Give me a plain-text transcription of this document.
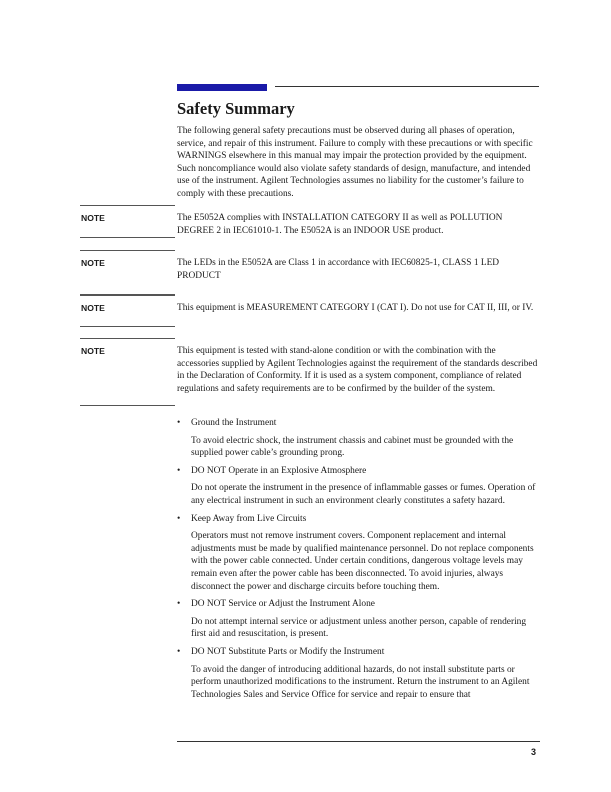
Safety Summary

The following general safety precautions must be observed during all phases of operation, service, and repair of this instrument. Failure to comply with these precautions or with specific WARNINGS elsewhere in this manual may impair the protection provided by the equipment. Such noncompliance would also violate safety standards of design, manufacture, and intended use of the instrument. Agilent Technologies assumes no liability for the customer’s failure to comply with these precautions.

NOTE	The E5052A complies with INSTALLATION CATEGORY II as well as POLLUTION DEGREE 2 in IEC61010-1. The E5052A is an INDOOR USE product.

NOTE	The LEDs in the E5052A are Class 1 in accordance with IEC60825-1, CLASS 1 LED PRODUCT

NOTE	This equipment is MEASUREMENT CATEGORY I (CAT I). Do not use for CAT II, III, or IV.

NOTE	This equipment is tested with stand-alone condition or with the combination with the accessories supplied by Agilent Technologies against the requirement of the standards described in the Declaration of Conformity. If it is used as a system component, compliance of related regulations and safety requirements are to be confirmed by the builder of the system.

•	Ground the Instrument

To avoid electric shock, the instrument chassis and cabinet must be grounded with the supplied power cable’s grounding prong.

•	DO NOT Operate in an Explosive Atmosphere

Do not operate the instrument in the presence of inflammable gasses or fumes. Operation of any electrical instrument in such an environment clearly constitutes a safety hazard.

•	Keep Away from Live Circuits

Operators must not remove instrument covers. Component replacement and internal adjustments must be made by qualified maintenance personnel. Do not replace components with the power cable connected. Under certain conditions, dangerous voltage levels may remain even after the power cable has been disconnected. To avoid injuries, always disconnect the power and discharge circuits before touching them.

•	DO NOT Service or Adjust the Instrument Alone

Do not attempt internal service or adjustment unless another person, capable of rendering first aid and resuscitation, is present.

•	DO NOT Substitute Parts or Modify the Instrument

To avoid the danger of introducing additional hazards, do not install substitute parts or perform unauthorized modifications to the instrument. Return the instrument to an Agilent Technologies Sales and Service Office for service and repair to ensure that

3
